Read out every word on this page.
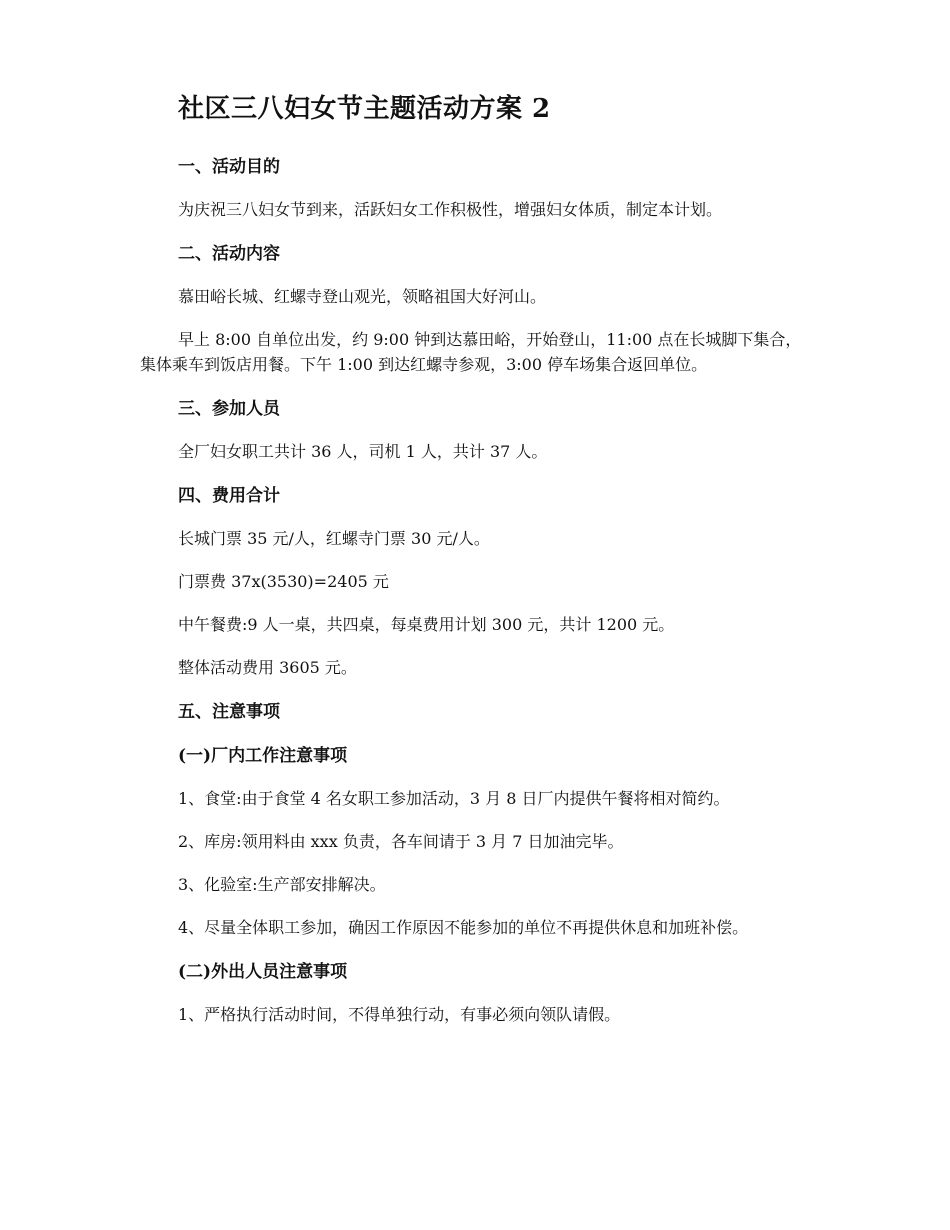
社区三八妇女节主题活动方案 2
一、活动目的

为庆祝三八妇女节到来，活跃妇女工作积极性，增强妇女体质，制定本计划。

二、活动内容

慕田峪长城、红螺寺登山观光，领略祖国大好河山。

早上 8:00 自单位出发，约 9:00 钟到达慕田峪，开始登山，11:00 点在长城脚下集合，集体乘车到饭店用餐。下午 1:00 到达红螺寺参观，3:00 停车场集合返回单位。

三、参加人员

全厂妇女职工共计 36 人，司机 1 人，共计 37 人。

四、费用合计

长城门票 35 元/人，红螺寺门票 30 元/人。

门票费 37x(3530)=2405 元

中午餐费:9 人一桌，共四桌，每桌费用计划 300 元，共计 1200 元。

整体活动费用 3605 元。

五、注意事项
(一)厂内工作注意事项

1、食堂:由于食堂 4 名女职工参加活动，3 月 8 日厂内提供午餐将相对简约。

2、库房:领用料由 xxx 负责，各车间请于 3 月 7 日加油完毕。

3、化验室:生产部安排解决。

4、尽量全体职工参加，确因工作原因不能参加的单位不再提供休息和加班补偿。

(二)外出人员注意事项

1、严格执行活动时间，不得单独行动，有事必须向领队请假。
